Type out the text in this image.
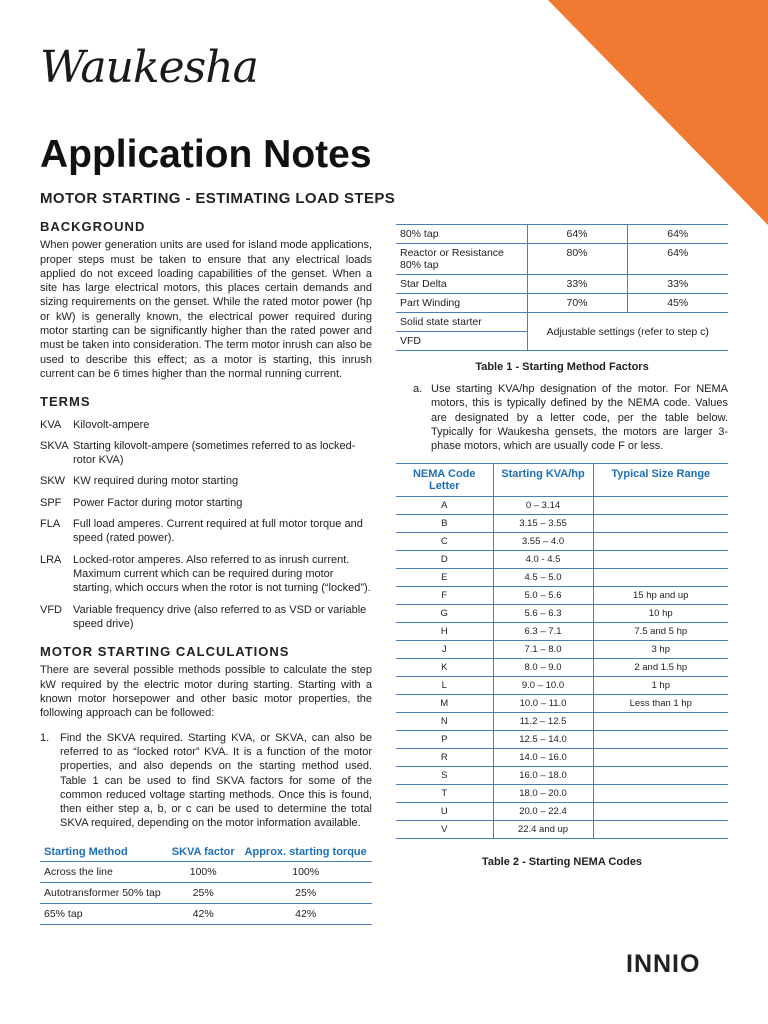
Waukesha
Application Notes
MOTOR STARTING - ESTIMATING LOAD STEPS
BACKGROUND

When power generation units are used for island mode applications, proper steps must be taken to ensure that any electrical loads applied do not exceed loading capabilities of the genset. When a site has large electrical motors, this places certain demands and sizing requirements on the genset. While the rated motor power (hp or kW) is generally known, the electrical power required during motor starting can be significantly higher than the rated power and must be taken into consideration. The term motor inrush can also be used to describe this effect; as a motor is starting, this inrush current can be 6 times higher than the normal running current.

TERMS
KVA	Kilovolt-ampere
SKVA Starting kilovolt-ampere (sometimes referred to as locked-rotor KVA)
SKW KW required during motor starting
SPF	Power Factor during motor starting
FLA	Full load amperes. Current required at full motor torque and speed (rated power).
LRA	Locked-rotor amperes. Also referred to as inrush current. Maximum current which can be required during motor starting, which occurs when the rotor is not turning (“locked”).
VFD	Variable frequency drive (also referred to as VSD or variable speed drive)
MOTOR STARTING CALCULATIONS

There are several possible methods possible to calculate the step kW required by the electric motor during starting. Starting with a known motor horsepower and other basic motor properties, the following approach can be followed:

1. Find the SKVA required. Starting KVA, or SKVA, can also be referred to as “locked rotor” KVA. It is a function of the motor properties, and also depends on the starting method used. Table 1 can be used to find SKVA factors for some of the common reduced voltage starting methods. Once this is found, then either step a, b, or c can be used to determine the total SKVA required, depending on the motor information available.
Starting Method	SKVA factor	Approx. starting torque
Across the line	100%	100%
Autotransformer 50% tap	25%	25%
65% tap	42%	42%
80% tap	64%	64%
Reactor or Resistance 80% tap	80%	64%
Star Delta	33%	33%
Part Winding	70%	45%
Solid state starter	Adjustable settings (refer to step c)	
VFD		
Table 1 - Starting Method Factors
a. Use starting KVA/hp designation of the motor. For NEMA motors, this is typically defined by the NEMA code. Values are designated by a letter code, per the table below. Typically for Waukesha gensets, the motors are larger 3-phase motors, which are usually code F or less.
NEMA Code Letter	Starting KVA/hp	Typical Size Range
A	0 – 3.14	
B	3.15 – 3.55	
C	3.55 – 4.0	
D	4.0 - 4.5	
E	4.5 – 5.0	
F	5.0 – 5.6	15 hp and up
G	5.6 – 6.3	10 hp
H	6.3 – 7.1	7.5 and 5 hp
J	7.1 – 8.0	3 hp
K	8.0 – 9.0	2 and 1.5 hp
L	9.0 – 10.0	1 hp
M	10.0 – 11.0	Less than 1 hp
N	11.2 – 12.5	
P	12.5 – 14.0	
R	14.0 – 16.0	
S	16.0 – 18.0	
T	18.0 – 20.0	
U	20.0 – 22.4	
V	22.4 and up	
Table 2 - Starting NEMA Codes
INNIO
